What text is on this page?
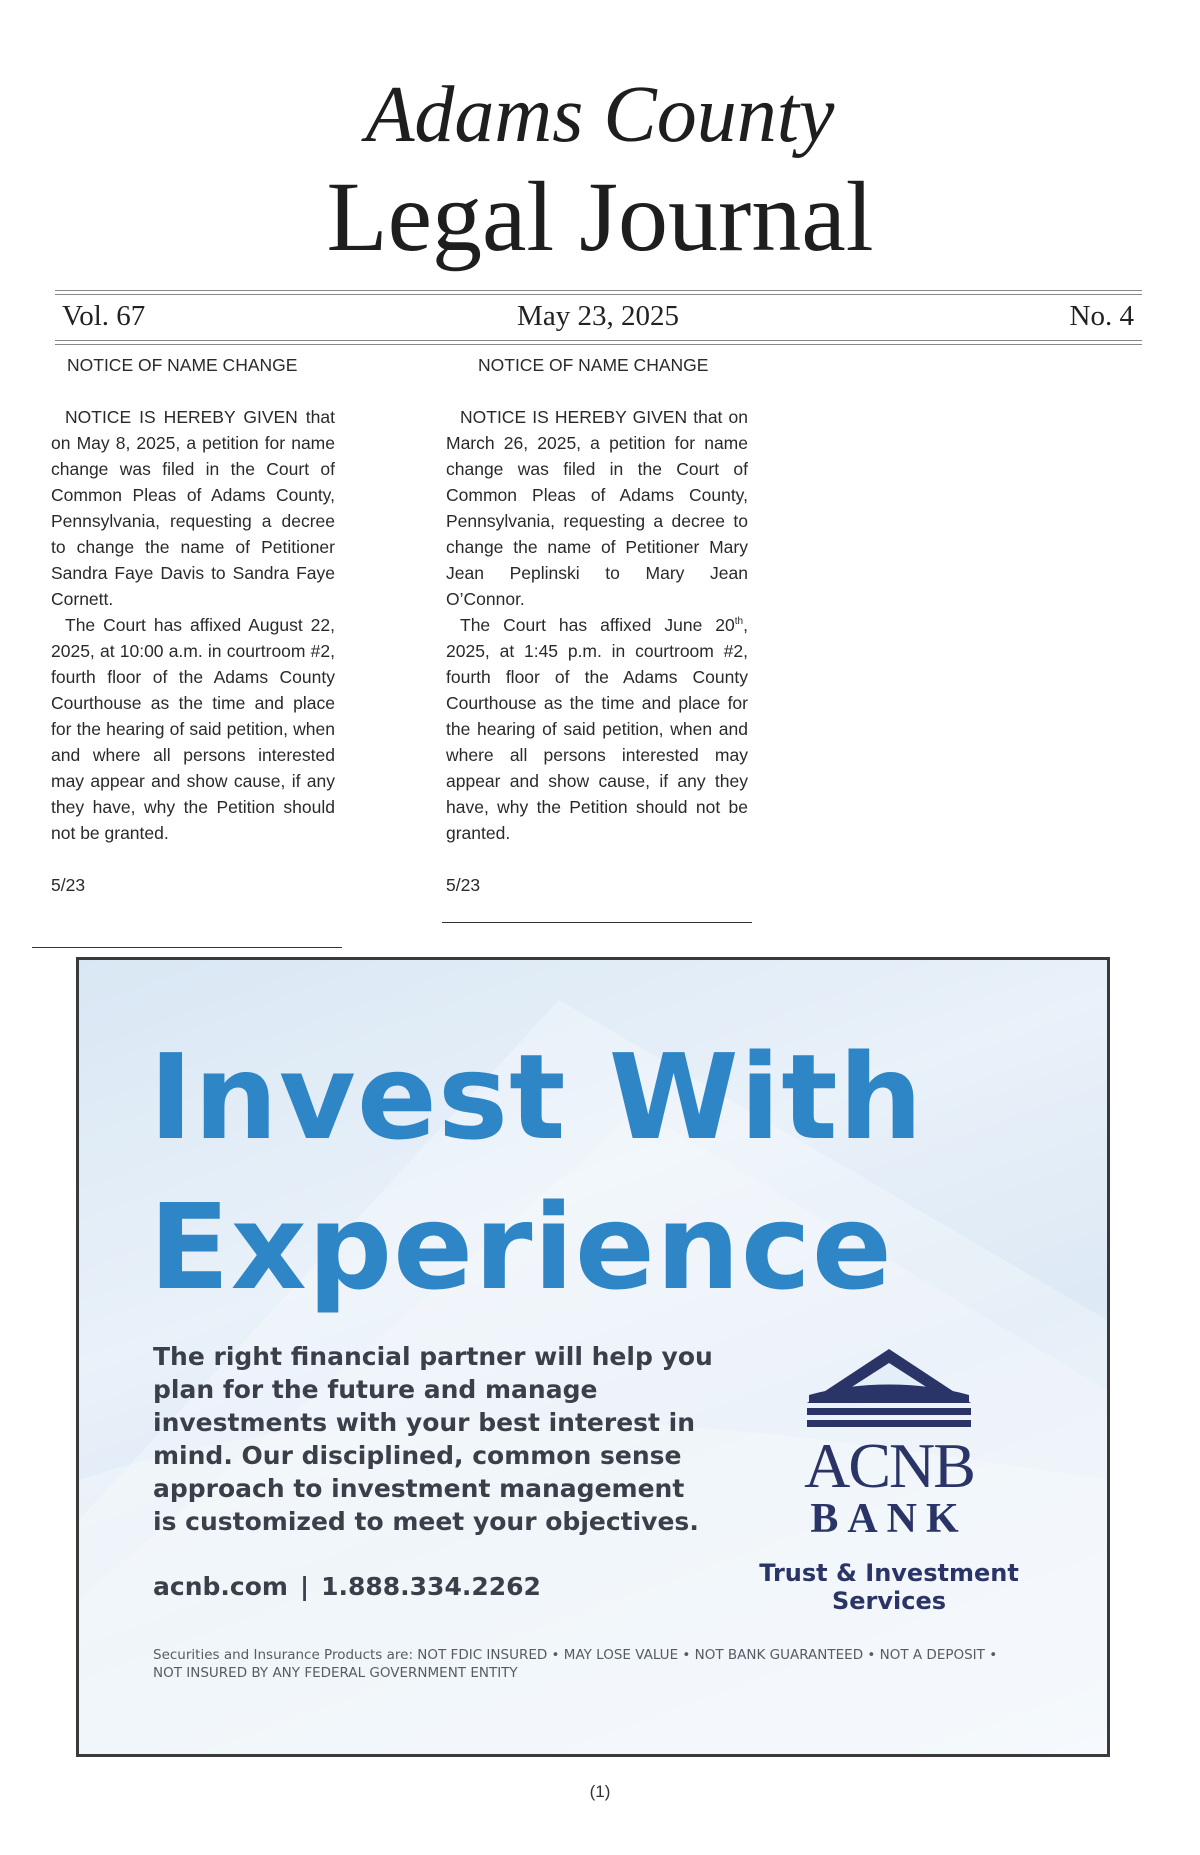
Adams County
Legal Journal
Vol. 67	May 23, 2025	No. 4
NOTICE OF NAME CHANGE

NOTICE IS HEREBY GIVEN that on May 8, 2025, a petition for name change was filed in the Court of Common Pleas of Adams County, Pennsylvania, requesting a decree to change the name of Petitioner Sandra Faye Davis to Sandra Faye Cornett.

The Court has affixed August 22, 2025, at 10:00 a.m. in courtroom #2, fourth floor of the Adams County Courthouse as the time and place for the hearing of said petition, when and where all persons interested may appear and show cause, if any they have, why the Petition should not be granted.

5/23

NOTICE OF NAME CHANGE

NOTICE IS HEREBY GIVEN that on March 26, 2025, a petition for name change was filed in the Court of Common Pleas of Adams County, Pennsylvania, requesting a decree to change the name of Petitioner Mary Jean Peplinski to Mary Jean O’Connor.

The Court has affixed June 20th, 2025, at 1:45 p.m. in courtroom #2, fourth floor of the Adams County Courthouse as the time and place for the hearing of said petition, when and where all persons interested may appear and show cause, if any they have, why the Petition should not be granted.

5/23

Invest With
Experience
The right financial partner will help you plan for the future and manage investments with your best interest in mind. Our disciplined, common sense approach to investment management is customized to meet your objectives.
acnb.com | 1.888.334.2262
Securities and Insurance Products are: NOT FDIC INSURED • MAY LOSE VALUE • NOT BANK GUARANTEED • NOT A DEPOSIT • NOT INSURED BY ANY FEDERAL GOVERNMENT ENTITY
ACNB
BANK
Trust & Investment Services
(1)
